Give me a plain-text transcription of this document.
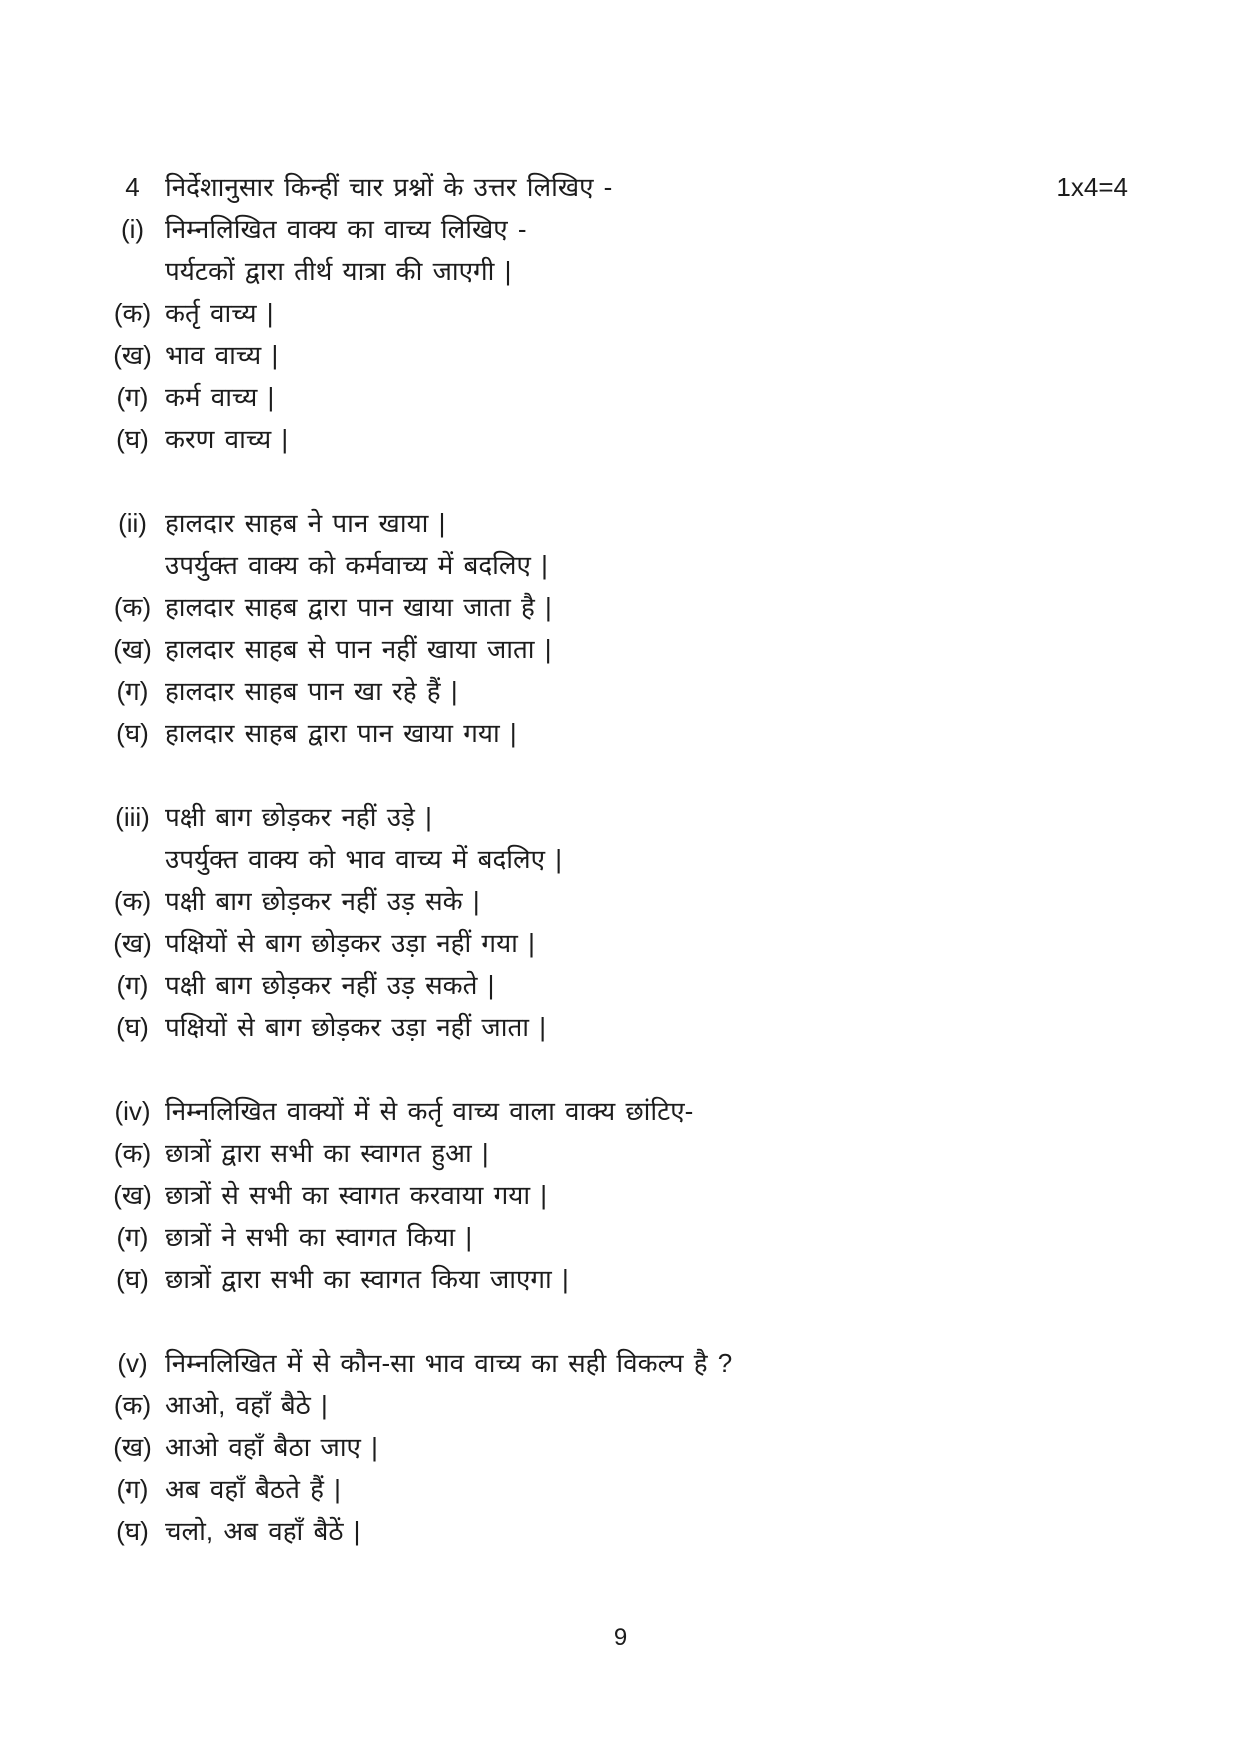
4 निर्देशानुसार किन्हीं चार प्रश्नों के उत्तर लिखिए -	1x4=4
(i) निम्नलिखित वाक्य का वाच्य लिखिए -
पर्यटकों द्वारा तीर्थ यात्रा की जाएगी |
(क) कर्तृ वाच्य |
(ख) भाव वाच्य |
(ग) कर्म वाच्य |
(घ) करण वाच्य |
(ii) हालदार साहब ने पान खाया |
उपर्युक्त वाक्य को कर्मवाच्य में बदलिए |
(क) हालदार साहब द्वारा पान खाया जाता है |
(ख) हालदार साहब से पान नहीं खाया जाता |
(ग) हालदार साहब पान खा रहे हैं |
(घ) हालदार साहब द्वारा पान खाया गया |
(iii) पक्षी बाग छोड़कर नहीं उड़े |
उपर्युक्त वाक्य को भाव वाच्य में बदलिए |
(क) पक्षी बाग छोड़कर नहीं उड़ सके |
(ख) पक्षियों से बाग छोड़कर उड़ा नहीं गया |
(ग) पक्षी बाग छोड़कर नहीं उड़ सकते |
(घ) पक्षियों से बाग छोड़कर उड़ा नहीं जाता |
(iv) निम्नलिखित वाक्यों में से कर्तृ वाच्य वाला वाक्य छांटिए-
(क) छात्रों द्वारा सभी का स्वागत हुआ |
(ख) छात्रों से सभी का स्वागत करवाया गया |
(ग) छात्रों ने सभी का स्वागत किया |
(घ) छात्रों द्वारा सभी का स्वागत किया जाएगा |
(v) निम्नलिखित में से कौन-सा भाव वाच्य का सही विकल्प है ?
(क) आओ, वहाँ बैठे |
(ख) आओ वहाँ बैठा जाए |
(ग) अब वहाँ बैठते हैं |
(घ) चलो, अब वहाँ बैठें |
9
